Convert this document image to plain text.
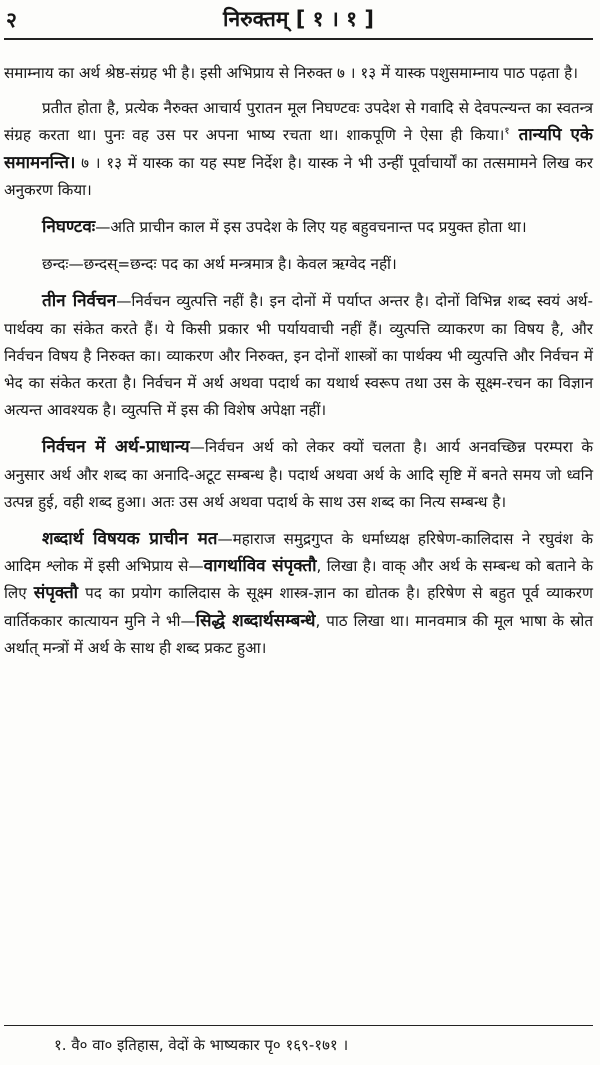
२	निरुक्तम् [ १ । १ ]

समाम्नाय का अर्थ श्रेष्ठ-संग्रह भी है। इसी अभिप्राय से निरुक्त ७ । १३ में यास्क पशुसमाम्नाय पाठ पढ़ता है।

प्रतीत होता है, प्रत्येक नैरुक्त आचार्य पुरातन मूल निघण्टवः उपदेश से गवादि से देवपत्न्यन्त का स्वतन्त्र संग्रह करता था। पुनः वह उस पर अपना भाष्य रचता था। शाकपूणि ने ऐसा ही किया।$^१$ तान्यपि एके समामनन्ति। ७ । १३ में यास्क का यह स्पष्ट निर्देश है। यास्क ने भी उन्हीं पूर्वाचार्यों का तत्समामने लिख कर अनुकरण किया।

निघण्टवः—अति प्राचीन काल में इस उपदेश के लिए यह बहुवचनान्त पद प्रयुक्त होता था।

छन्दः—छन्दस्=छन्दः पद का अर्थ मन्त्रमात्र है। केवल ऋग्वेद नहीं।

तीन निर्वचन—निर्वचन व्युत्पत्ति नहीं है। इन दोनों में पर्याप्त अन्तर है। दोनों विभिन्न शब्द स्वयं अर्थ-पार्थक्य का संकेत करते हैं। ये किसी प्रकार भी पर्यायवाची नहीं हैं। व्युत्पत्ति व्याकरण का विषय है, और निर्वचन विषय है निरुक्त का। व्याकरण और निरुक्त, इन दोनों शास्त्रों का पार्थक्य भी व्युत्पत्ति और निर्वचन में भेद का संकेत करता है। निर्वचन में अर्थ अथवा पदार्थ का यथार्थ स्वरूप तथा उस के सूक्ष्म-रचन का विज्ञान अत्यन्त आवश्यक है। व्युत्पत्ति में इस की विशेष अपेक्षा नहीं।

निर्वचन में अर्थ-प्राधान्य—निर्वचन अर्थ को लेकर क्यों चलता है। आर्य अनवच्छिन्न परम्परा के अनुसार अर्थ और शब्द का अनादि-अटूट सम्बन्ध है। पदार्थ अथवा अर्थ के आदि सृष्टि में बनते समय जो ध्वनि उत्पन्न हुई, वही शब्द हुआ। अतः उस अर्थ अथवा पदार्थ के साथ उस शब्द का नित्य सम्बन्ध है।

शब्दार्थ विषयक प्राचीन मत—महाराज समुद्रगुप्त के धर्माध्यक्ष हरिषेण-कालिदास ने रघुवंश के आदिम श्लोक में इसी अभिप्राय से—वागर्थाविव संपृक्तौ, लिखा है। वाक् और अर्थ के सम्बन्ध को बताने के लिए संपृक्तौ पद का प्रयोग कालिदास के सूक्ष्म शास्त्र-ज्ञान का द्योतक है। हरिषेण से बहुत पूर्व व्याकरण वार्तिककार कात्यायन मुनि ने भी—सिद्धे शब्दार्थसम्बन्धे, पाठ लिखा था। मानवमात्र की मूल भाषा के स्रोत अर्थात् मन्त्रों में अर्थ के साथ ही शब्द प्रकट हुआ।

१. वै० वा० इतिहास, वेदों के भाष्यकार पृ० १६९-१७१ ।
